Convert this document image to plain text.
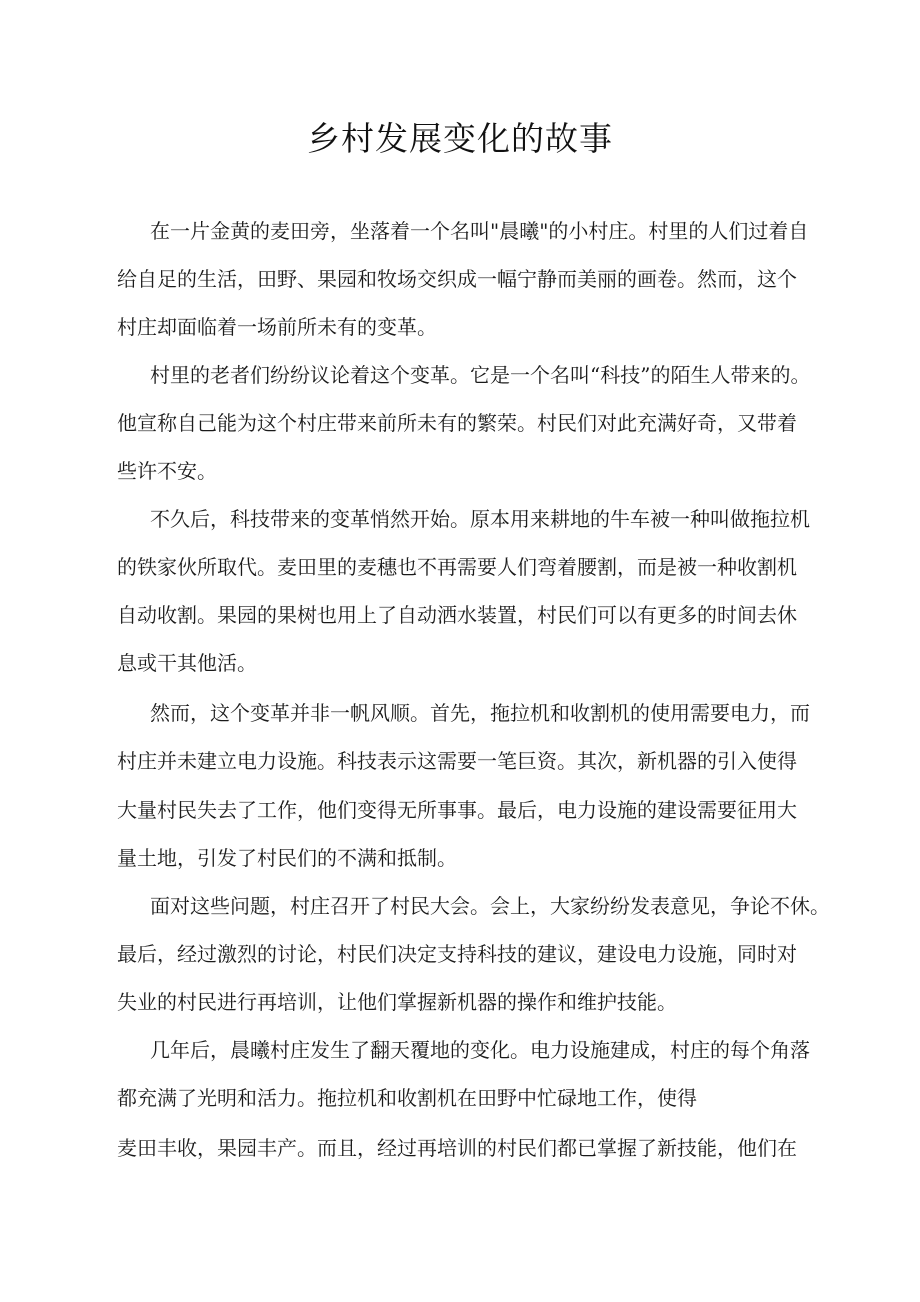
乡村发展变化的故事
在一片金黄的麦田旁，坐落着一个名叫"晨曦"的小村庄。村里的人们过着自
给自足的生活，田野、果园和牧场交织成一幅宁静而美丽的画卷。然而，这个
村庄却面临着一场前所未有的变革。
村里的老者们纷纷议论着这个变革。它是一个名叫“科技”的陌生人带来的。
他宣称自己能为这个村庄带来前所未有的繁荣。村民们对此充满好奇，又带着
些许不安。
不久后，科技带来的变革悄然开始。原本用来耕地的牛车被一种叫做拖拉机
的铁家伙所取代。麦田里的麦穗也不再需要人们弯着腰割，而是被一种收割机
自动收割。果园的果树也用上了自动洒水装置，村民们可以有更多的时间去休
息或干其他活。
然而，这个变革并非一帆风顺。首先，拖拉机和收割机的使用需要电力，而
村庄并未建立电力设施。科技表示这需要一笔巨资。其次，新机器的引入使得
大量村民失去了工作，他们变得无所事事。最后，电力设施的建设需要征用大
量土地，引发了村民们的不满和抵制。
面对这些问题，村庄召开了村民大会。会上，大家纷纷发表意见，争论不休。
最后，经过激烈的讨论，村民们决定支持科技的建议，建设电力设施，同时对
失业的村民进行再培训，让他们掌握新机器的操作和维护技能。
几年后，晨曦村庄发生了翻天覆地的变化。电力设施建成，村庄的每个角落
都充满了光明和活力。拖拉机和收割机在田野中忙碌地工作，使得
麦田丰收，果园丰产。而且，经过再培训的村民们都已掌握了新技能，他们在
